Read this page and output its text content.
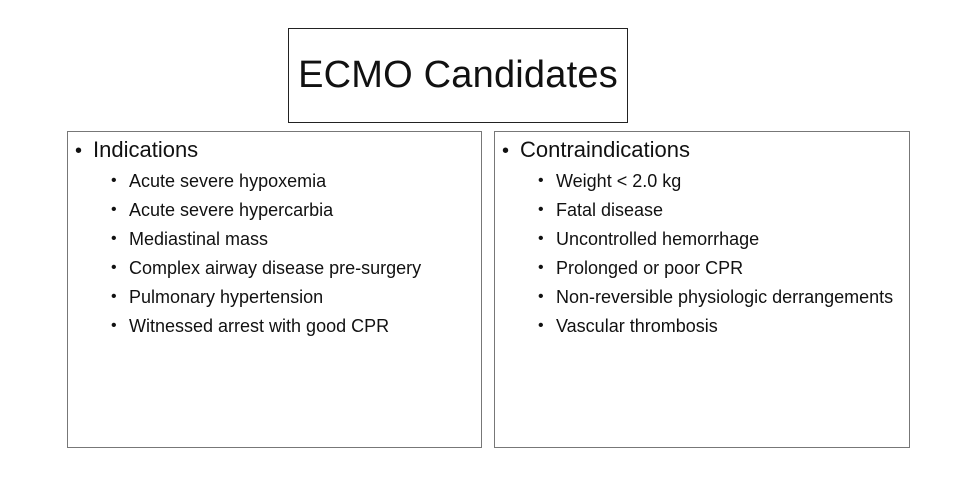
ECMO Candidates
• Indications
• Acute severe hypoxemia
• Acute severe hypercarbia
• Mediastinal mass
• Complex airway disease pre-surgery
• Pulmonary hypertension
• Witnessed arrest with good CPR
• Contraindications
• Weight < 2.0 kg
• Fatal disease
• Uncontrolled hemorrhage
• Prolonged or poor CPR
• Non-reversible physiologic derrangements
• Vascular thrombosis
